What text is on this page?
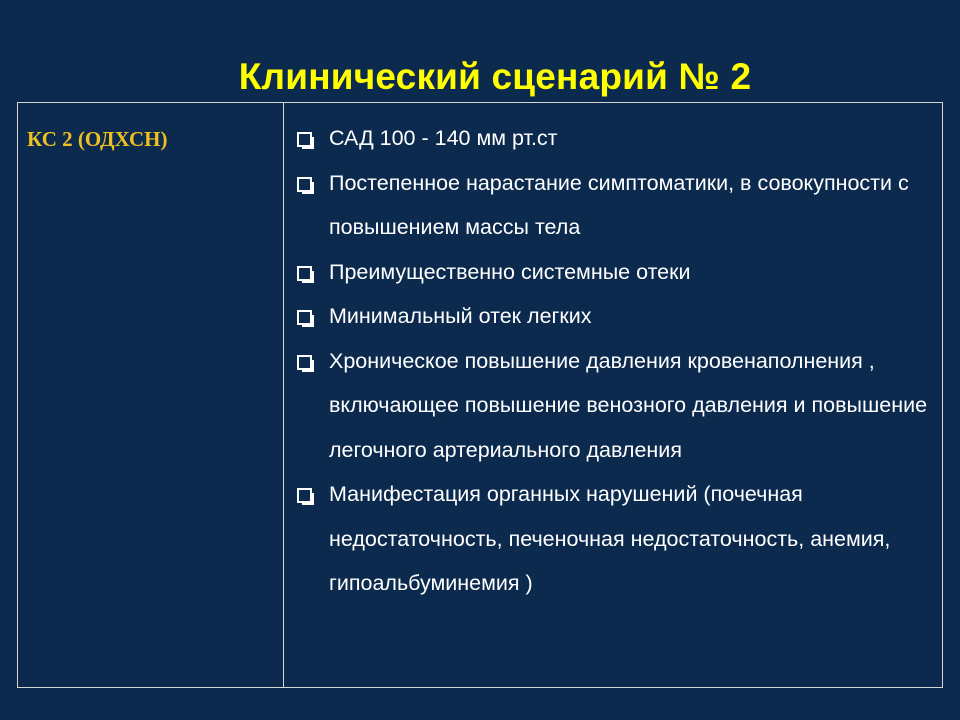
Клинический сценарий № 2
КС 2 (ОДХСН)	САД 100 - 140 мм рт.ст
Постепенное нарастание симптоматики, в совокупности с повышением массы тела
Преимущественно системные отеки
Минимальный отек легких
Хроническое повышение давления кровенаполнения , включающее повышение венозного давления и повышение легочного артериального давления
Манифестация органных нарушений (почечная недостаточность, печеночная недостаточность, анемия, гипоальбуминемия )
